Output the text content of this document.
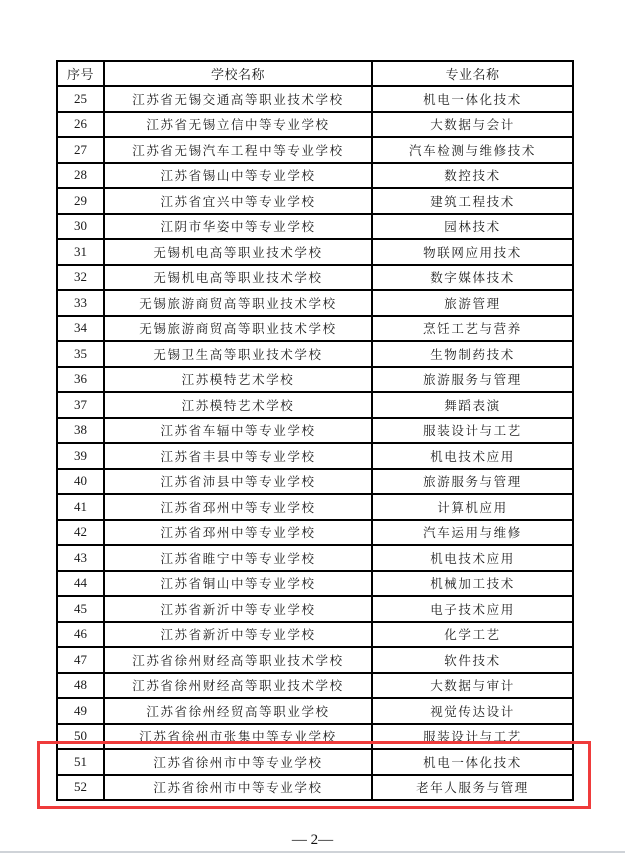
序号	学校名称	专业名称
25	江苏省无锡交通高等职业技术学校	机电一体化技术
26	江苏省无锡立信中等专业学校	大数据与会计
27	江苏省无锡汽车工程中等专业学校	汽车检测与维修技术
28	江苏省锡山中等专业学校	数控技术
29	江苏省宜兴中等专业学校	建筑工程技术
30	江阴市华姿中等专业学校	园林技术
31	无锡机电高等职业技术学校	物联网应用技术
32	无锡机电高等职业技术学校	数字媒体技术
33	无锡旅游商贸高等职业技术学校	旅游管理
34	无锡旅游商贸高等职业技术学校	烹饪工艺与营养
35	无锡卫生高等职业技术学校	生物制药技术
36	江苏模特艺术学校	旅游服务与管理
37	江苏模特艺术学校	舞蹈表演
38	江苏省车辐中等专业学校	服装设计与工艺
39	江苏省丰县中等专业学校	机电技术应用
40	江苏省沛县中等专业学校	旅游服务与管理
41	江苏省邳州中等专业学校	计算机应用
42	江苏省邳州中等专业学校	汽车运用与维修
43	江苏省睢宁中等专业学校	机电技术应用
44	江苏省铜山中等专业学校	机械加工技术
45	江苏省新沂中等专业学校	电子技术应用
46	江苏省新沂中等专业学校	化学工艺
47	江苏省徐州财经高等职业技术学校	软件技术
48	江苏省徐州财经高等职业技术学校	大数据与审计
49	江苏省徐州经贸高等职业学校	视觉传达设计
50	江苏省徐州市张集中等专业学校	服装设计与工艺
51	江苏省徐州市中等专业学校	机电一体化技术
52	江苏省徐州市中等专业学校	老年人服务与管理
— 2—
